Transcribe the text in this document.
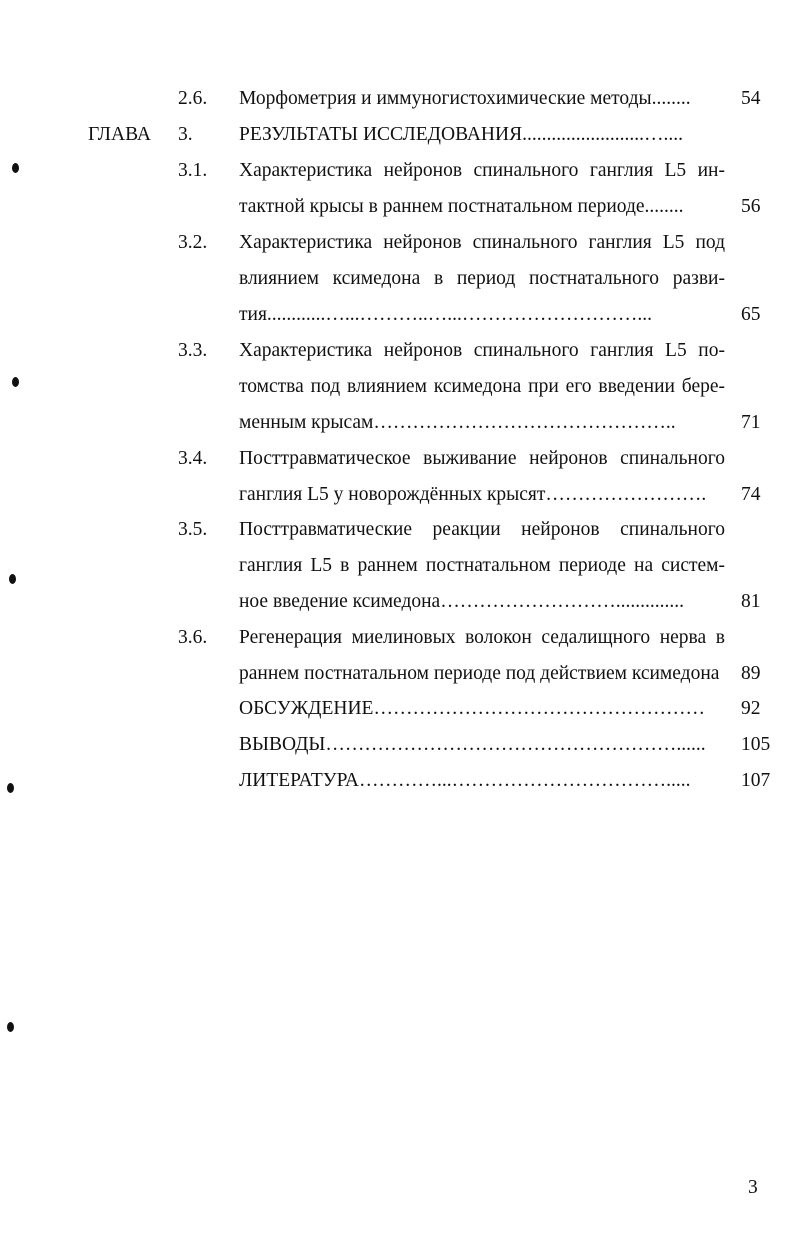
2.6. Морфометрия и иммуногистохимические методы........	54
ГЛАВА 3. РЕЗУЛЬТАТЫ ИССЛЕДОВАНИЯ.........................…....
3.1. Характеристика нейронов спинального ганглия L5 ин-
тактной крысы в раннем постнатальном периоде........	56
3.2. Характеристика нейронов спинального ганглия L5 под
влиянием ксимедона в период постнатального разви-
тия............…...………..…...………………………...	65
3.3. Характеристика нейронов спинального ганглия L5 по-
томства под влиянием ксимедона при его введении бере-
менным крысам………………………………………..	71
3.4. Посттравматическое выживание нейронов спинального
ганглия L5 у новорождённых крысят…………………….	74
3.5. Посттравматические реакции нейронов спинального
ганглия L5 в раннем постнатальном периоде на систем-
ное введение ксимедона………………………..............	81
3.6. Регенерация миелиновых волокон седалищного нерва в
раннем постнатальном периоде под действием ксимедона 89
ОБСУЖДЕНИЕ……………………………………………	92
ВЫВОДЫ………………………………………………......	105
ЛИТЕРАТУРА…………...…………………………….....	107
3
